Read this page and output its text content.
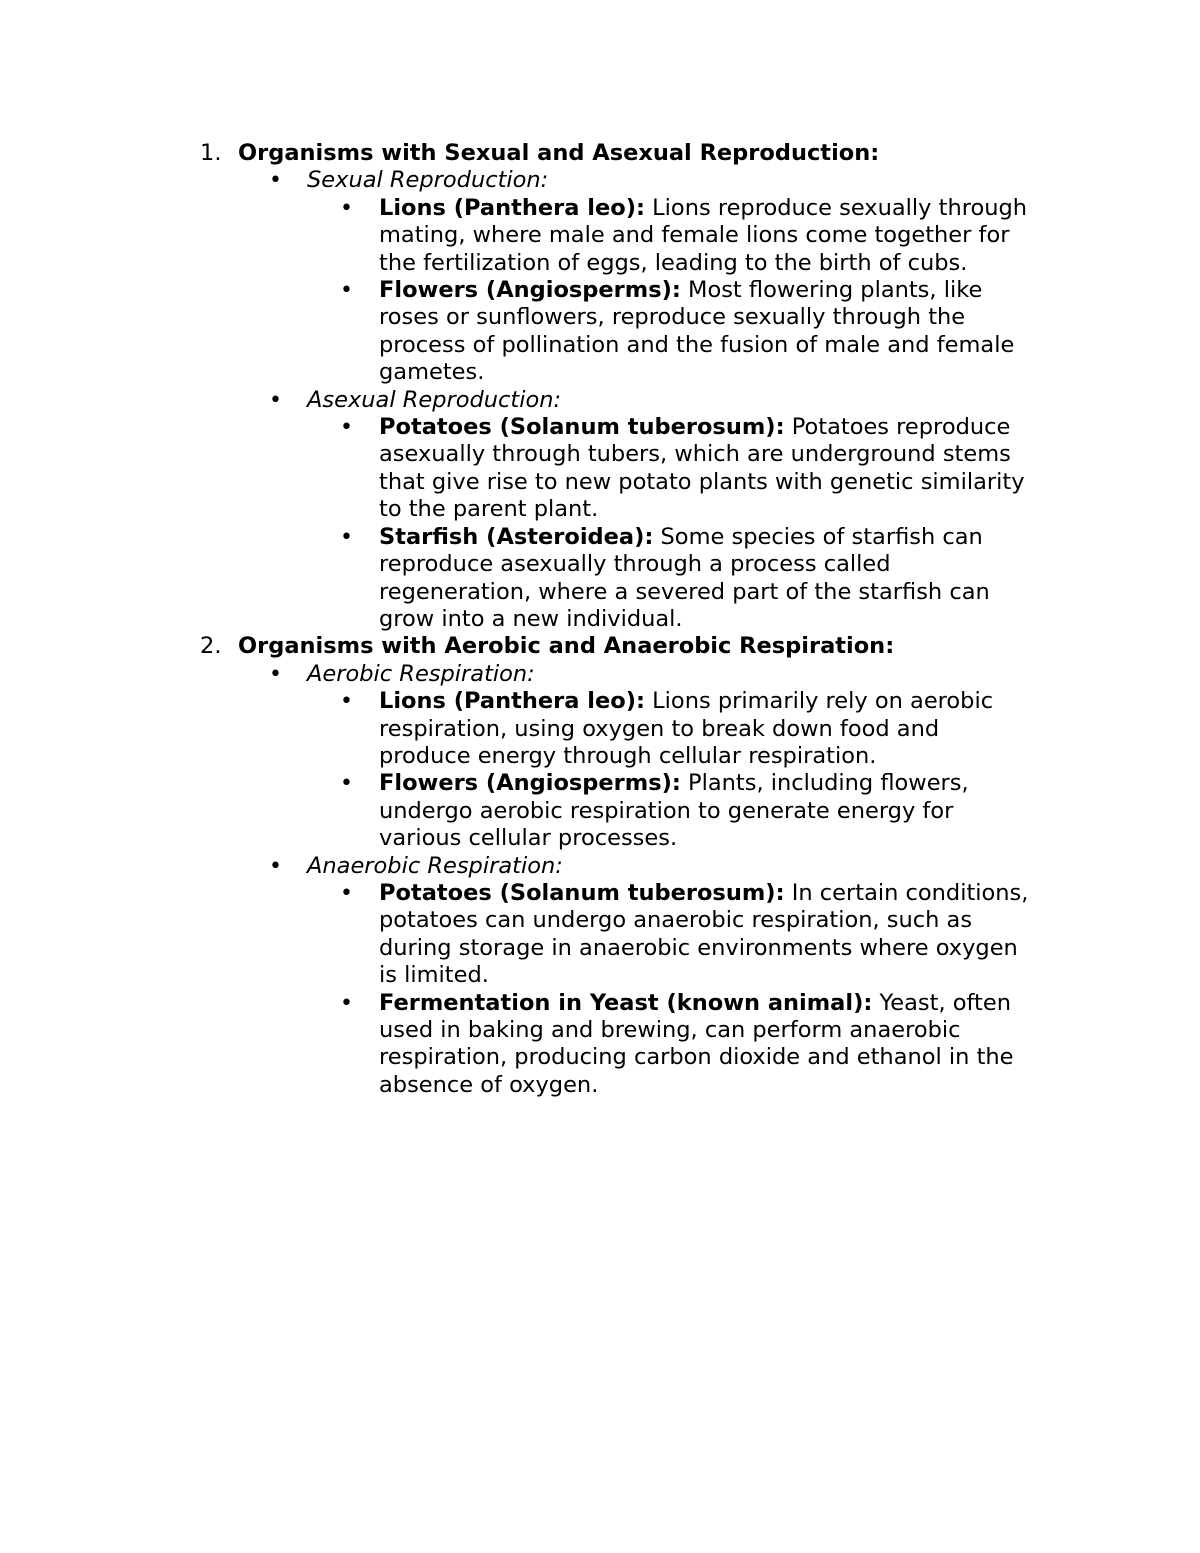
1. Organisms with Sexual and Asexual Reproduction:
• Sexual Reproduction:
• Lions (Panthera leo): Lions reproduce sexually through mating, where male and female lions come together for the fertilization of eggs, leading to the birth of cubs.
• Flowers (Angiosperms): Most flowering plants, like roses or sunflowers, reproduce sexually through the process of pollination and the fusion of male and female gametes.
• Asexual Reproduction:
• Potatoes (Solanum tuberosum): Potatoes reproduce asexually through tubers, which are underground stems that give rise to new potato plants with genetic similarity to the parent plant.
• Starfish (Asteroidea): Some species of starfish can reproduce asexually through a process called regeneration, where a severed part of the starfish can grow into a new individual.
2. Organisms with Aerobic and Anaerobic Respiration:
• Aerobic Respiration:
• Lions (Panthera leo): Lions primarily rely on aerobic respiration, using oxygen to break down food and produce energy through cellular respiration.
• Flowers (Angiosperms): Plants, including flowers, undergo aerobic respiration to generate energy for various cellular processes.
• Anaerobic Respiration:
• Potatoes (Solanum tuberosum): In certain conditions, potatoes can undergo anaerobic respiration, such as during storage in anaerobic environments where oxygen is limited.
• Fermentation in Yeast (known animal): Yeast, often used in baking and brewing, can perform anaerobic respiration, producing carbon dioxide and ethanol in the absence of oxygen.
